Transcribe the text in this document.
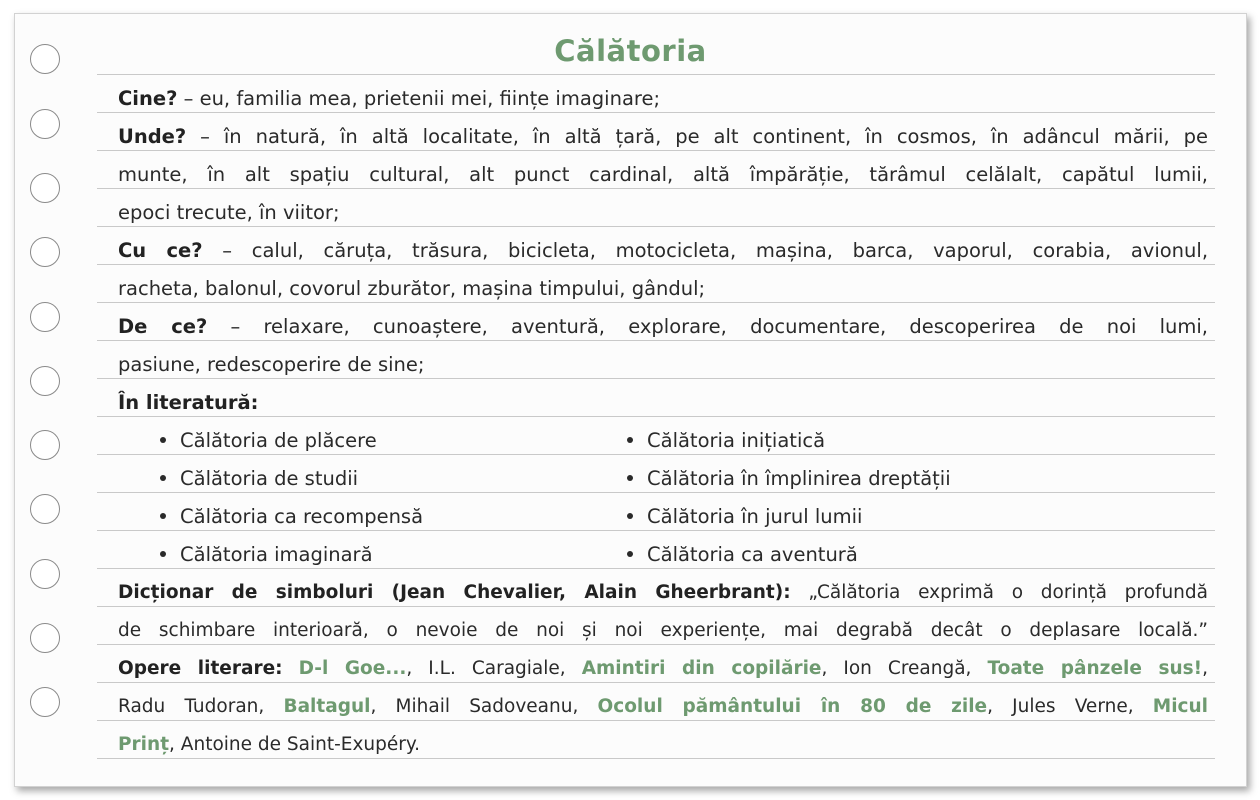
Călătoria
Cine? – eu, familia mea, prietenii mei, ființe imaginare;
Unde? – în natură, în altă localitate, în altă țară, pe alt continent, în cosmos, în adâncul mării, pe
munte, în alt spațiu cultural, alt punct cardinal, altă împărăție, tărâmul celălalt, capătul lumii,
epoci trecute, în viitor;
Cu ce? – calul, căruța, trăsura, bicicleta, motocicleta, mașina, barca, vaporul, corabia, avionul,
racheta, balonul, covorul zburător, mașina timpului, gândul;
De ce? – relaxare, cunoaștere, aventură, explorare, documentare, descoperirea de noi lumi,
pasiune, redescoperire de sine;
În literatură:
Călătoria de plăcere
Călătoria de studii
Călătoria ca recompensă
Călătoria imaginară
Călătoria inițiatică
Călătoria în împlinirea dreptății
Călătoria în jurul lumii
Călătoria ca aventură
Dicționar de simboluri (Jean Chevalier, Alain Gheerbrant): „Călătoria exprimă o dorință profundă
de schimbare interioară, o nevoie de noi și noi experiențe, mai degrabă decât o deplasare locală.”
Opere literare: D-l Goe..., I.L. Caragiale, Amintiri din copilărie, Ion Creangă, Toate pânzele sus!,
Radu Tudoran, Baltagul, Mihail Sadoveanu, Ocolul pământului în 80 de zile, Jules Verne, Micul
Prinț, Antoine de Saint-Exupéry.
